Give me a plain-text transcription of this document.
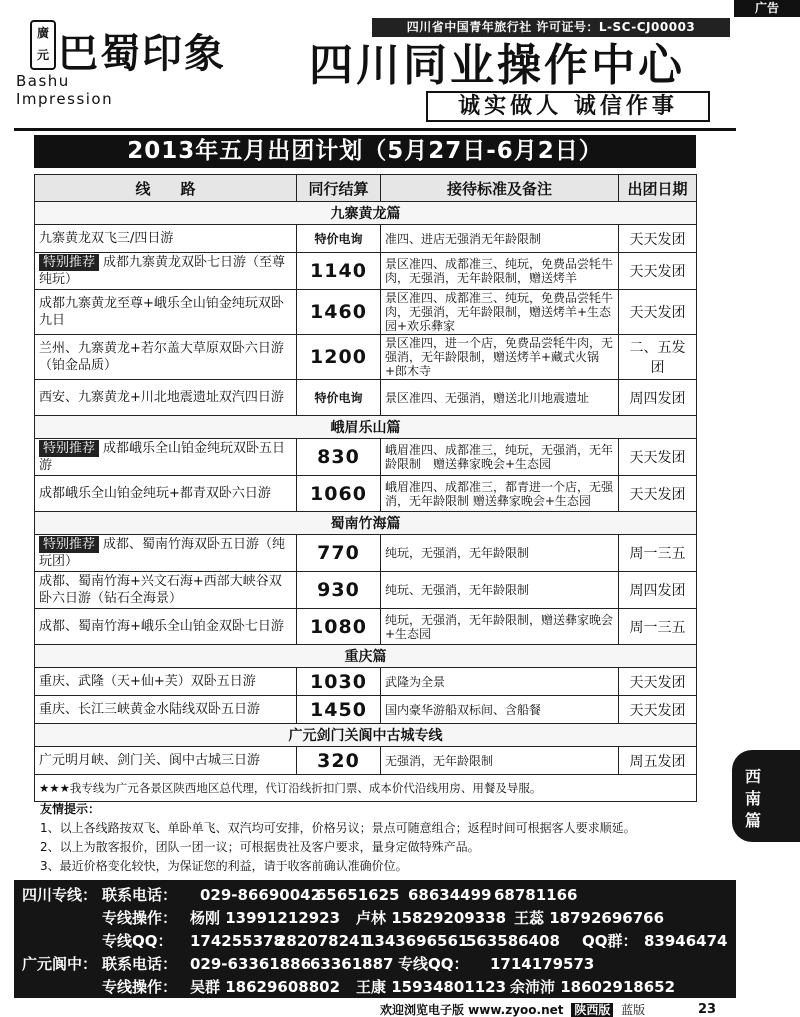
广告
四川省中国青年旅行社 许可证号：L-SC-CJ00003
廣元 巴蜀印象
Bashu
Impression
四川同业操作中心
诚实做人 诚信作事
2013年五月出团计划（5月27日-6月2日）
线　　路	同行结算	接待标准及备注	出团日期
九寨黄龙篇			
九寨黄龙双飞三/四日游	特价电询	准四、进店无强消无年龄限制	天天发团
特别推荐 成都九寨黄龙双卧七日游（至尊纯玩）	1140	景区准四、成都准三、纯玩，免费品尝牦牛肉，无强消，无年龄限制，赠送烤羊	天天发团
成都九寨黄龙至尊+峨乐全山铂金纯玩双卧九日	1460	景区准四、成都准三、纯玩，免费品尝牦牛肉，无强消，无年龄限制，赠送烤羊+生态园+欢乐彝家	天天发团
兰州、九寨黄龙+若尔盖大草原双卧六日游（铂金品质）	1200	景区准四，进一个店，免费品尝牦牛肉，无强消，无年龄限制，赠送烤羊+藏式火锅+郎木寺	二、五发团
西安、九寨黄龙+川北地震遗址双汽四日游	特价电询	景区准四、无强消，赠送北川地震遗址	周四发团
峨眉乐山篇			
特别推荐 成都峨乐全山铂金纯玩双卧五日游	830	峨眉准四、成都准三，纯玩，无强消，无年龄限制　赠送彝家晚会+生态园	天天发团
成都峨乐全山铂金纯玩+都青双卧六日游	1060	峨眉准四、成都准三，都青进一个店，无强消，无年龄限制 赠送彝家晚会+生态园	天天发团
蜀南竹海篇			
特别推荐 成都、蜀南竹海双卧五日游（纯玩团）	770	纯玩，无强消，无年龄限制	周一三五
成都、蜀南竹海+兴文石海+西部大峡谷双卧六日游（钻石全海景）	930	纯玩、无强消，无年龄限制	周四发团
成都、蜀南竹海+峨乐全山铂金双卧七日游	1080	纯玩，无强消，无年龄限制，赠送彝家晚会+生态园	周一三五
重庆篇			
重庆、武隆（天+仙+芙）双卧五日游	1030	武隆为全景	天天发团
重庆、长江三峡黄金水陆线双卧五日游	1450	国内豪华游船双标间、含船餐	天天发团
广元剑门关阆中古城专线			
广元明月峡、剑门关、阆中古城三日游	320	无强消，无年龄限制	周五发团
★★★我专线为广元各景区陕西地区总代理，代订沿线折扣门票、成本价代沿线用房、用餐及导服。			
友情提示：
1、以上各线路按双飞、单卧单飞、双汽均可安排，价格另议；景点可随意组合；返程时间可根据客人要求顺延。
2、以上为散客报价，团队一团一议；可根据贵社及客户要求，量身定做特殊产品。
3、最近价格变化较快，为保证您的利益，请于收客前确认准确价位。
四川专线： 联系电话： 029-86690042
65651625 68634499 68781166
专线操作： 杨刚 13991212923 卢林 15829209338 王蕊 18792696766
专线QQ： 174255378
282078241
1343696561
563586408 QQ群： 83946474
广元阆中： 联系电话： 029-63361886
63361887 专线QQ： 1714179573
专线操作： 吴群 18629608802 王康 15934801123 余沛沛 18602918652
西
南
篇
欢迎浏览电子版 www.zyoo.net 陕西版 蓝版	23
